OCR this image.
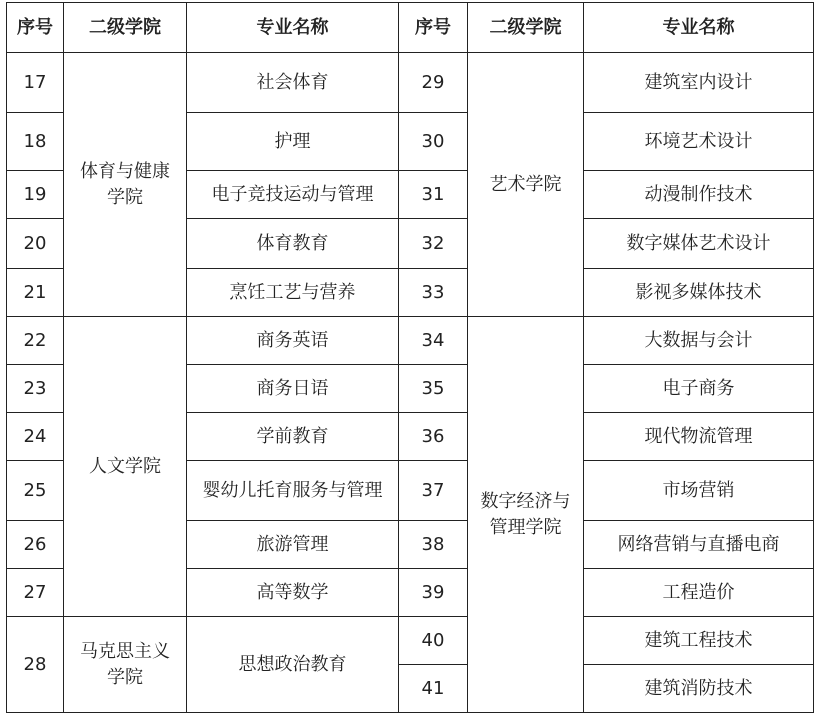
序号	二级学院	专业名称	序号	二级学院	专业名称
17	体育与健康学院	社会体育	29	艺术学院	建筑室内设计
18		护理	30		环境艺术设计
19		电子竞技运动与管理	31		动漫制作技术
20		体育教育	32		数字媒体艺术设计
21		烹饪工艺与营养	33		影视多媒体技术
22	人文学院	商务英语	34	数字经济与管理学院	大数据与会计
23		商务日语	35		电子商务
24		学前教育	36		现代物流管理
25		婴幼儿托育服务与管理	37		市场营销
26		旅游管理	38		网络营销与直播电商
27		高等数学	39		工程造价
28	马克思主义学院	思想政治教育	40		建筑工程技术
			41		建筑消防技术
